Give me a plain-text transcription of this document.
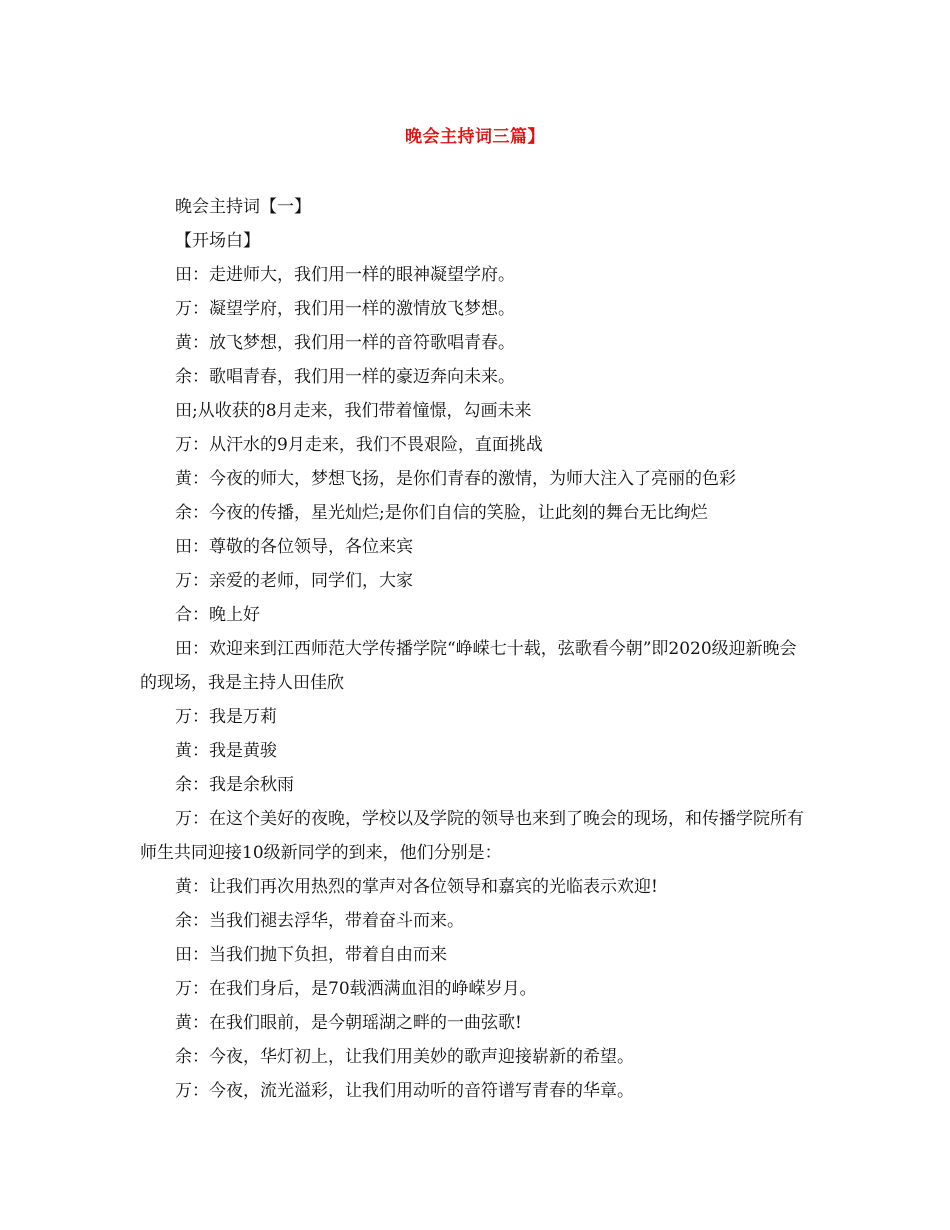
晚会主持词三篇】

晚会主持词【一】

【开场白】

田：走进师大，我们用一样的眼神凝望学府。

万：凝望学府，我们用一样的激情放飞梦想。

黄：放飞梦想，我们用一样的音符歌唱青春。

余：歌唱青春，我们用一样的豪迈奔向未来。

田;从收获的8月走来，我们带着憧憬，勾画未来

万：从汗水的9月走来，我们不畏艰险，直面挑战

黄：今夜的师大，梦想飞扬，是你们青春的激情，为师大注入了亮丽的色彩

余：今夜的传播，星光灿烂;是你们自信的笑脸，让此刻的舞台无比绚烂

田：尊敬的各位领导，各位来宾

万：亲爱的老师，同学们，大家

合：晚上好

田：欢迎来到江西师范大学传播学院“峥嵘七十载，弦歌看今朝”即2020级迎新晚会的现场，我是主持人田佳欣

万：我是万莉

黄：我是黄骏

余：我是余秋雨

万：在这个美好的夜晚，学校以及学院的领导也来到了晚会的现场，和传播学院所有师生共同迎接10级新同学的到来，他们分别是：

黄：让我们再次用热烈的掌声对各位领导和嘉宾的光临表示欢迎!

余：当我们褪去浮华，带着奋斗而来。

田：当我们抛下负担，带着自由而来

万：在我们身后，是70载洒满血泪的峥嵘岁月。

黄：在我们眼前，是今朝瑶湖之畔的一曲弦歌!

余：今夜，华灯初上，让我们用美妙的歌声迎接崭新的希望。

万：今夜，流光溢彩，让我们用动听的音符谱写青春的华章。
